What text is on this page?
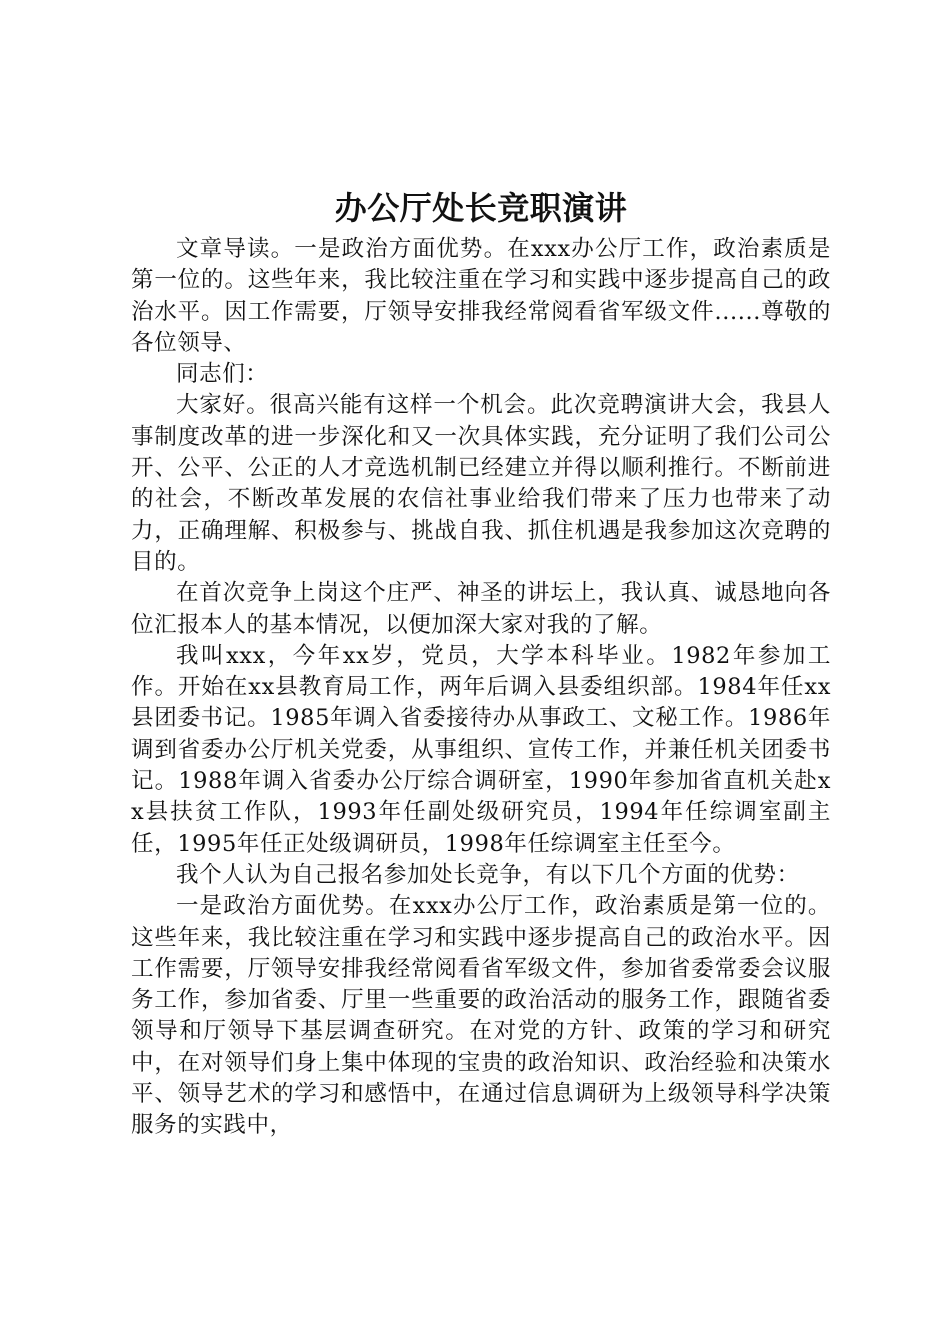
办公厅处长竞职演讲

文章导读。一是政治方面优势。在xxx办公厅工作，政治素质是第一位的。这些年来，我比较注重在学习和实践中逐步提高自己的政治水平。因工作需要，厅领导安排我经常阅看省军级文件......尊敬的各位领导、

同志们：

大家好。很高兴能有这样一个机会。此次竞聘演讲大会，我县人事制度改革的进一步深化和又一次具体实践，充分证明了我们公司公开、公平、公正的人才竞选机制已经建立并得以顺利推行。不断前进的社会，不断改革发展的农信社事业给我们带来了压力也带来了动力，正确理解、积极参与、挑战自我、抓住机遇是我参加这次竞聘的目的。

在首次竞争上岗这个庄严、神圣的讲坛上，我认真、诚恳地向各位汇报本人的基本情况，以便加深大家对我的了解。

我叫xxx，今年xx岁，党员，大学本科毕业。1982年参加工作。开始在xx县教育局工作，两年后调入县委组织部。1984年任xx县团委书记。1985年调入省委接待办从事政工、文秘工作。1986年调到省委办公厅机关党委，从事组织、宣传工作，并兼任机关团委书记。1988年调入省委办公厅综合调研室，1990年参加省直机关赴xx县扶贫工作队，1993年任副处级研究员，1994年任综调室副主任，1995年任正处级调研员，1998年任综调室主任至今。

我个人认为自己报名参加处长竞争，有以下几个方面的优势：

一是政治方面优势。在xxx办公厅工作，政治素质是第一位的。这些年来，我比较注重在学习和实践中逐步提高自己的政治水平。因工作需要，厅领导安排我经常阅看省军级文件，参加省委常委会议服务工作，参加省委、厅里一些重要的政治活动的服务工作，跟随省委领导和厅领导下基层调查研究。在对党的方针、政策的学习和研究中，在对领导们身上集中体现的宝贵的政治知识、政治经验和决策水平、领导艺术的学习和感悟中，在通过信息调研为上级领导科学决策服务的实践中，
